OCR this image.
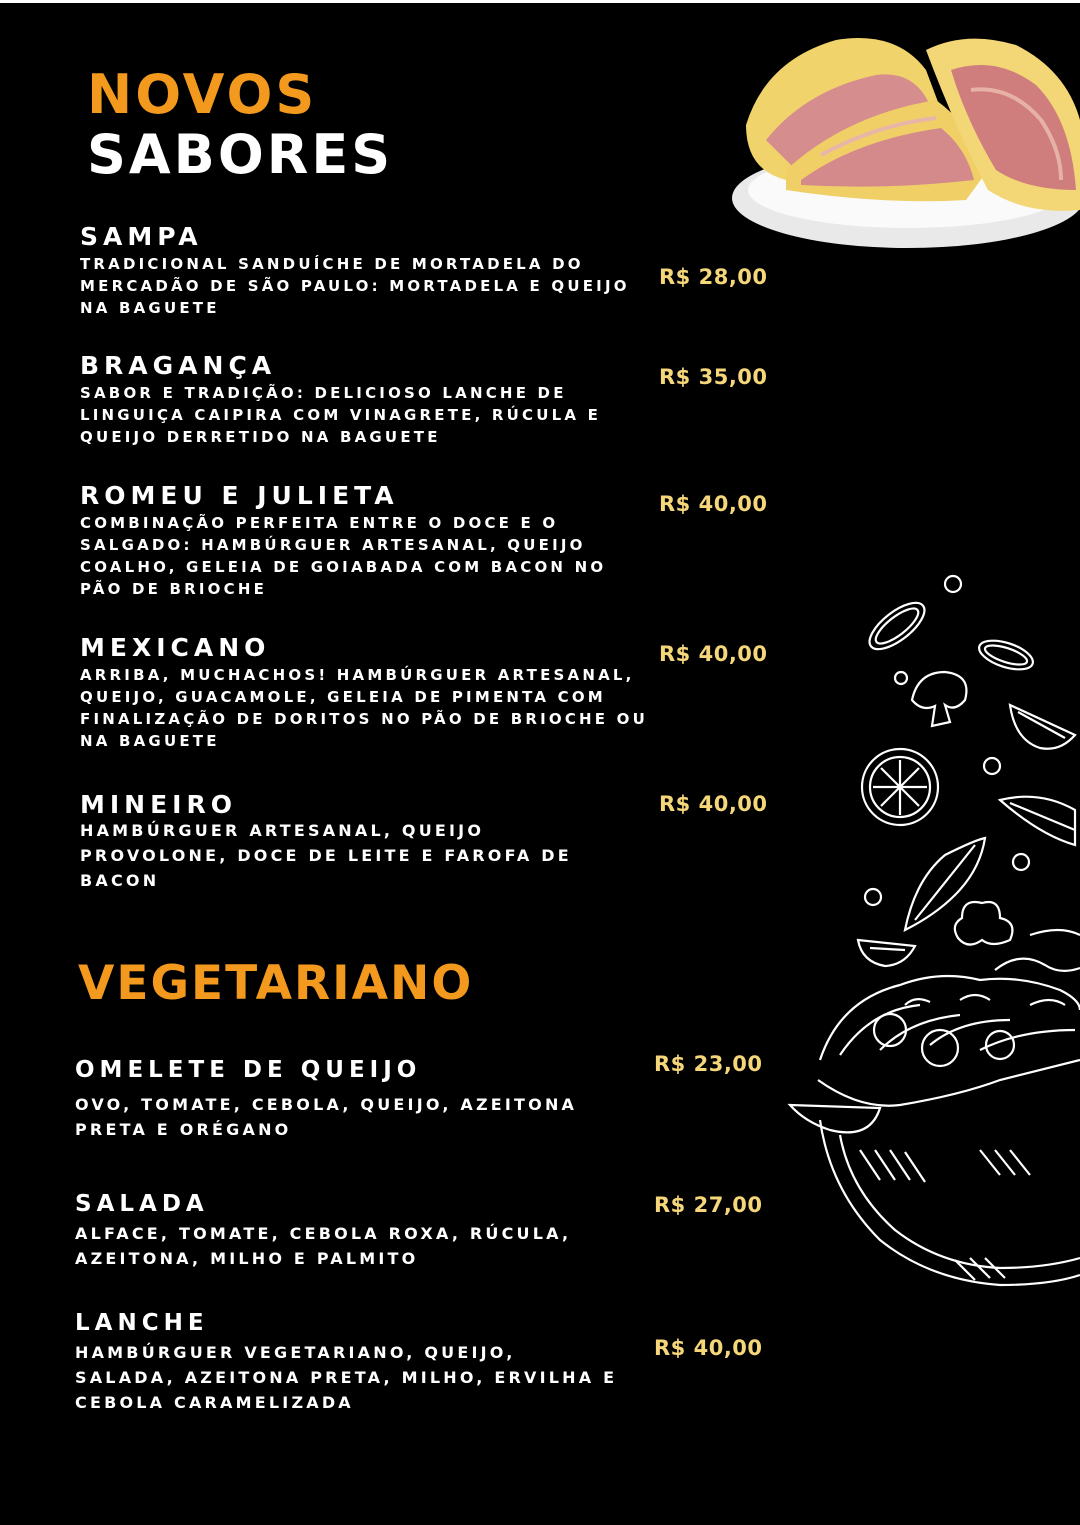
NOVOS
SABORES
SAMPA
TRADICIONAL SANDUÍCHE DE MORTADELA DO MERCADÃO DE SÃO PAULO: MORTADELA E QUEIJO NA BAGUETE
R$ 28,00
BRAGANÇA
SABOR E TRADIÇÃO: DELICIOSO LANCHE DE LINGUIÇA CAIPIRA COM VINAGRETE, RÚCULA E QUEIJO DERRETIDO NA BAGUETE
R$ 35,00
ROMEU E JULIETA
COMBINAÇÃO PERFEITA ENTRE O DOCE E O SALGADO: HAMBÚRGUER ARTESANAL, QUEIJO COALHO, GELEIA DE GOIABADA COM BACON NO PÃO DE BRIOCHE
R$ 40,00
MEXICANO
ARRIBA, MUCHACHOS! HAMBÚRGUER ARTESANAL, QUEIJO, GUACAMOLE, GELEIA DE PIMENTA COM FINALIZAÇÃO DE DORITOS NO PÃO DE BRIOCHE OU NA BAGUETE
R$ 40,00
MINEIRO
HAMBÚRGUER ARTESANAL, QUEIJO PROVOLONE, DOCE DE LEITE E FAROFA DE BACON
R$ 40,00
VEGETARIANO
OMELETE DE QUEIJO
OVO, TOMATE, CEBOLA, QUEIJO, AZEITONA PRETA E ORÉGANO
R$ 23,00
SALADA
ALFACE, TOMATE, CEBOLA ROXA, RÚCULA, AZEITONA, MILHO E PALMITO
R$ 27,00
LANCHE
HAMBÚRGUER VEGETARIANO, QUEIJO, SALADA, AZEITONA PRETA, MILHO, ERVILHA E CEBOLA CARAMELIZADA
R$ 40,00
